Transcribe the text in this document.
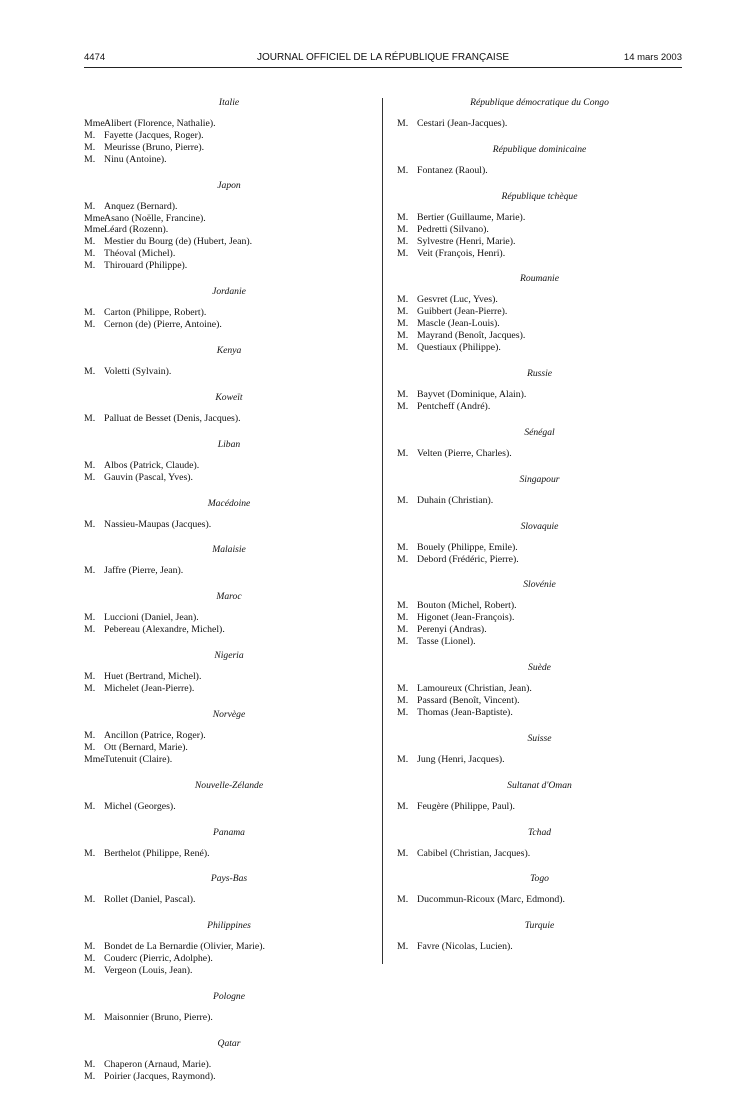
4474	JOURNAL OFFICIEL DE LA RÉPUBLIQUE FRANÇAISE	14 mars 2003
Italie
MmeAlibert (Florence, Nathalie).
M. Fayette (Jacques, Roger).
M. Meurisse (Bruno, Pierre).
M. Ninu (Antoine).
Japon
M. Anquez (Bernard).
MmeAsano (Noëlle, Francine).
MmeLéard (Rozenn).
M. Mestier du Bourg (de) (Hubert, Jean).
M. Théoval (Michel).
M. Thirouard (Philippe).
Jordanie
M. Carton (Philippe, Robert).
M. Cernon (de) (Pierre, Antoine).
Kenya
M. Voletti (Sylvain).
Koweït
M. Palluat de Besset (Denis, Jacques).
Liban
M. Albos (Patrick, Claude).
M. Gauvin (Pascal, Yves).
Macédoine
M. Nassieu-Maupas (Jacques).
Malaisie
M. Jaffre (Pierre, Jean).
Maroc
M. Luccioni (Daniel, Jean).
M. Pebereau (Alexandre, Michel).
Nigeria
M. Huet (Bertrand, Michel).
M. Michelet (Jean-Pierre).
Norvège
M. Ancillon (Patrice, Roger).
M. Ott (Bernard, Marie).
MmeTutenuit (Claire).
Nouvelle-Zélande
M. Michel (Georges).
Panama
M. Berthelot (Philippe, René).
Pays-Bas
M. Rollet (Daniel, Pascal).
Philippines
M. Bondet de La Bernardie (Olivier, Marie).
M. Couderc (Pierric, Adolphe).
M. Vergeon (Louis, Jean).
Pologne
M. Maisonnier (Bruno, Pierre).
Qatar
M. Chaperon (Arnaud, Marie).
M. Poirier (Jacques, Raymond).
République démocratique du Congo
M. Cestari (Jean-Jacques).
République dominicaine
M. Fontanez (Raoul).
République tchèque
M. Bertier (Guillaume, Marie).
M. Pedretti (Silvano).
M. Sylvestre (Henri, Marie).
M. Veit (François, Henri).
Roumanie
M. Gesvret (Luc, Yves).
M. Guibbert (Jean-Pierre).
M. Mascle (Jean-Louis).
M. Mayrand (Benoît, Jacques).
M. Questiaux (Philippe).
Russie
M. Bayvet (Dominique, Alain).
M. Pentcheff (André).
Sénégal
M. Velten (Pierre, Charles).
Singapour
M. Duhain (Christian).
Slovaquie
M. Bouely (Philippe, Emile).
M. Debord (Frédéric, Pierre).
Slovénie
M. Bouton (Michel, Robert).
M. Higonet (Jean-François).
M. Perenyi (Andras).
M. Tasse (Lionel).
Suède
M. Lamoureux (Christian, Jean).
M. Passard (Benoît, Vincent).
M. Thomas (Jean-Baptiste).
Suisse
M. Jung (Henri, Jacques).
Sultanat d'Oman
M. Feugère (Philippe, Paul).
Tchad
M. Cabibel (Christian, Jacques).
Togo
M. Ducommun-Ricoux (Marc, Edmond).
Turquie
M. Favre (Nicolas, Lucien).
